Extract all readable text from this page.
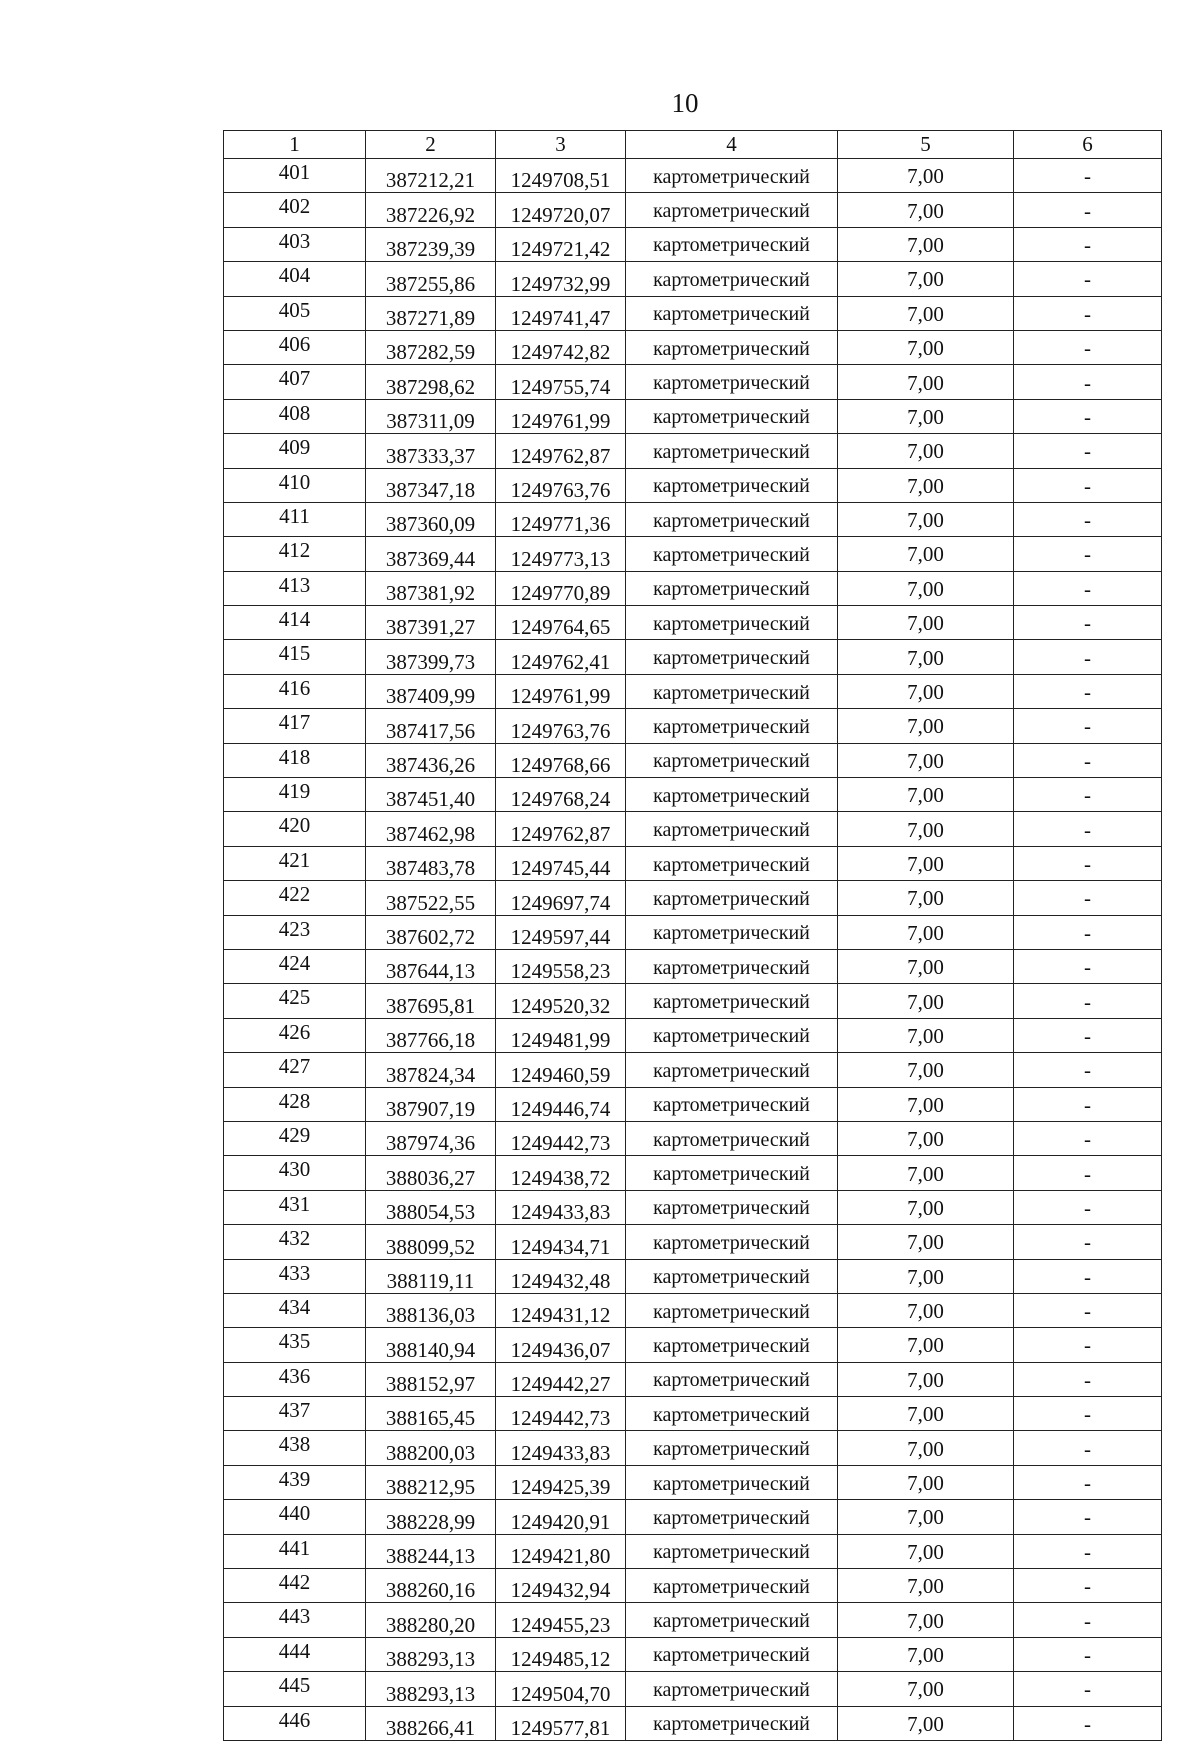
10
1	2	3	4	5	6
401	387212,21	1249708,51	картометрический	7,00	-
402	387226,92	1249720,07	картометрический	7,00	-
403	387239,39	1249721,42	картометрический	7,00	-
404	387255,86	1249732,99	картометрический	7,00	-
405	387271,89	1249741,47	картометрический	7,00	-
406	387282,59	1249742,82	картометрический	7,00	-
407	387298,62	1249755,74	картометрический	7,00	-
408	387311,09	1249761,99	картометрический	7,00	-
409	387333,37	1249762,87	картометрический	7,00	-
410	387347,18	1249763,76	картометрический	7,00	-
411	387360,09	1249771,36	картометрический	7,00	-
412	387369,44	1249773,13	картометрический	7,00	-
413	387381,92	1249770,89	картометрический	7,00	-
414	387391,27	1249764,65	картометрический	7,00	-
415	387399,73	1249762,41	картометрический	7,00	-
416	387409,99	1249761,99	картометрический	7,00	-
417	387417,56	1249763,76	картометрический	7,00	-
418	387436,26	1249768,66	картометрический	7,00	-
419	387451,40	1249768,24	картометрический	7,00	-
420	387462,98	1249762,87	картометрический	7,00	-
421	387483,78	1249745,44	картометрический	7,00	-
422	387522,55	1249697,74	картометрический	7,00	-
423	387602,72	1249597,44	картометрический	7,00	-
424	387644,13	1249558,23	картометрический	7,00	-
425	387695,81	1249520,32	картометрический	7,00	-
426	387766,18	1249481,99	картометрический	7,00	-
427	387824,34	1249460,59	картометрический	7,00	-
428	387907,19	1249446,74	картометрический	7,00	-
429	387974,36	1249442,73	картометрический	7,00	-
430	388036,27	1249438,72	картометрический	7,00	-
431	388054,53	1249433,83	картометрический	7,00	-
432	388099,52	1249434,71	картометрический	7,00	-
433	388119,11	1249432,48	картометрический	7,00	-
434	388136,03	1249431,12	картометрический	7,00	-
435	388140,94	1249436,07	картометрический	7,00	-
436	388152,97	1249442,27	картометрический	7,00	-
437	388165,45	1249442,73	картометрический	7,00	-
438	388200,03	1249433,83	картометрический	7,00	-
439	388212,95	1249425,39	картометрический	7,00	-
440	388228,99	1249420,91	картометрический	7,00	-
441	388244,13	1249421,80	картометрический	7,00	-
442	388260,16	1249432,94	картометрический	7,00	-
443	388280,20	1249455,23	картометрический	7,00	-
444	388293,13	1249485,12	картометрический	7,00	-
445	388293,13	1249504,70	картометрический	7,00	-
446	388266,41	1249577,81	картометрический	7,00	-
